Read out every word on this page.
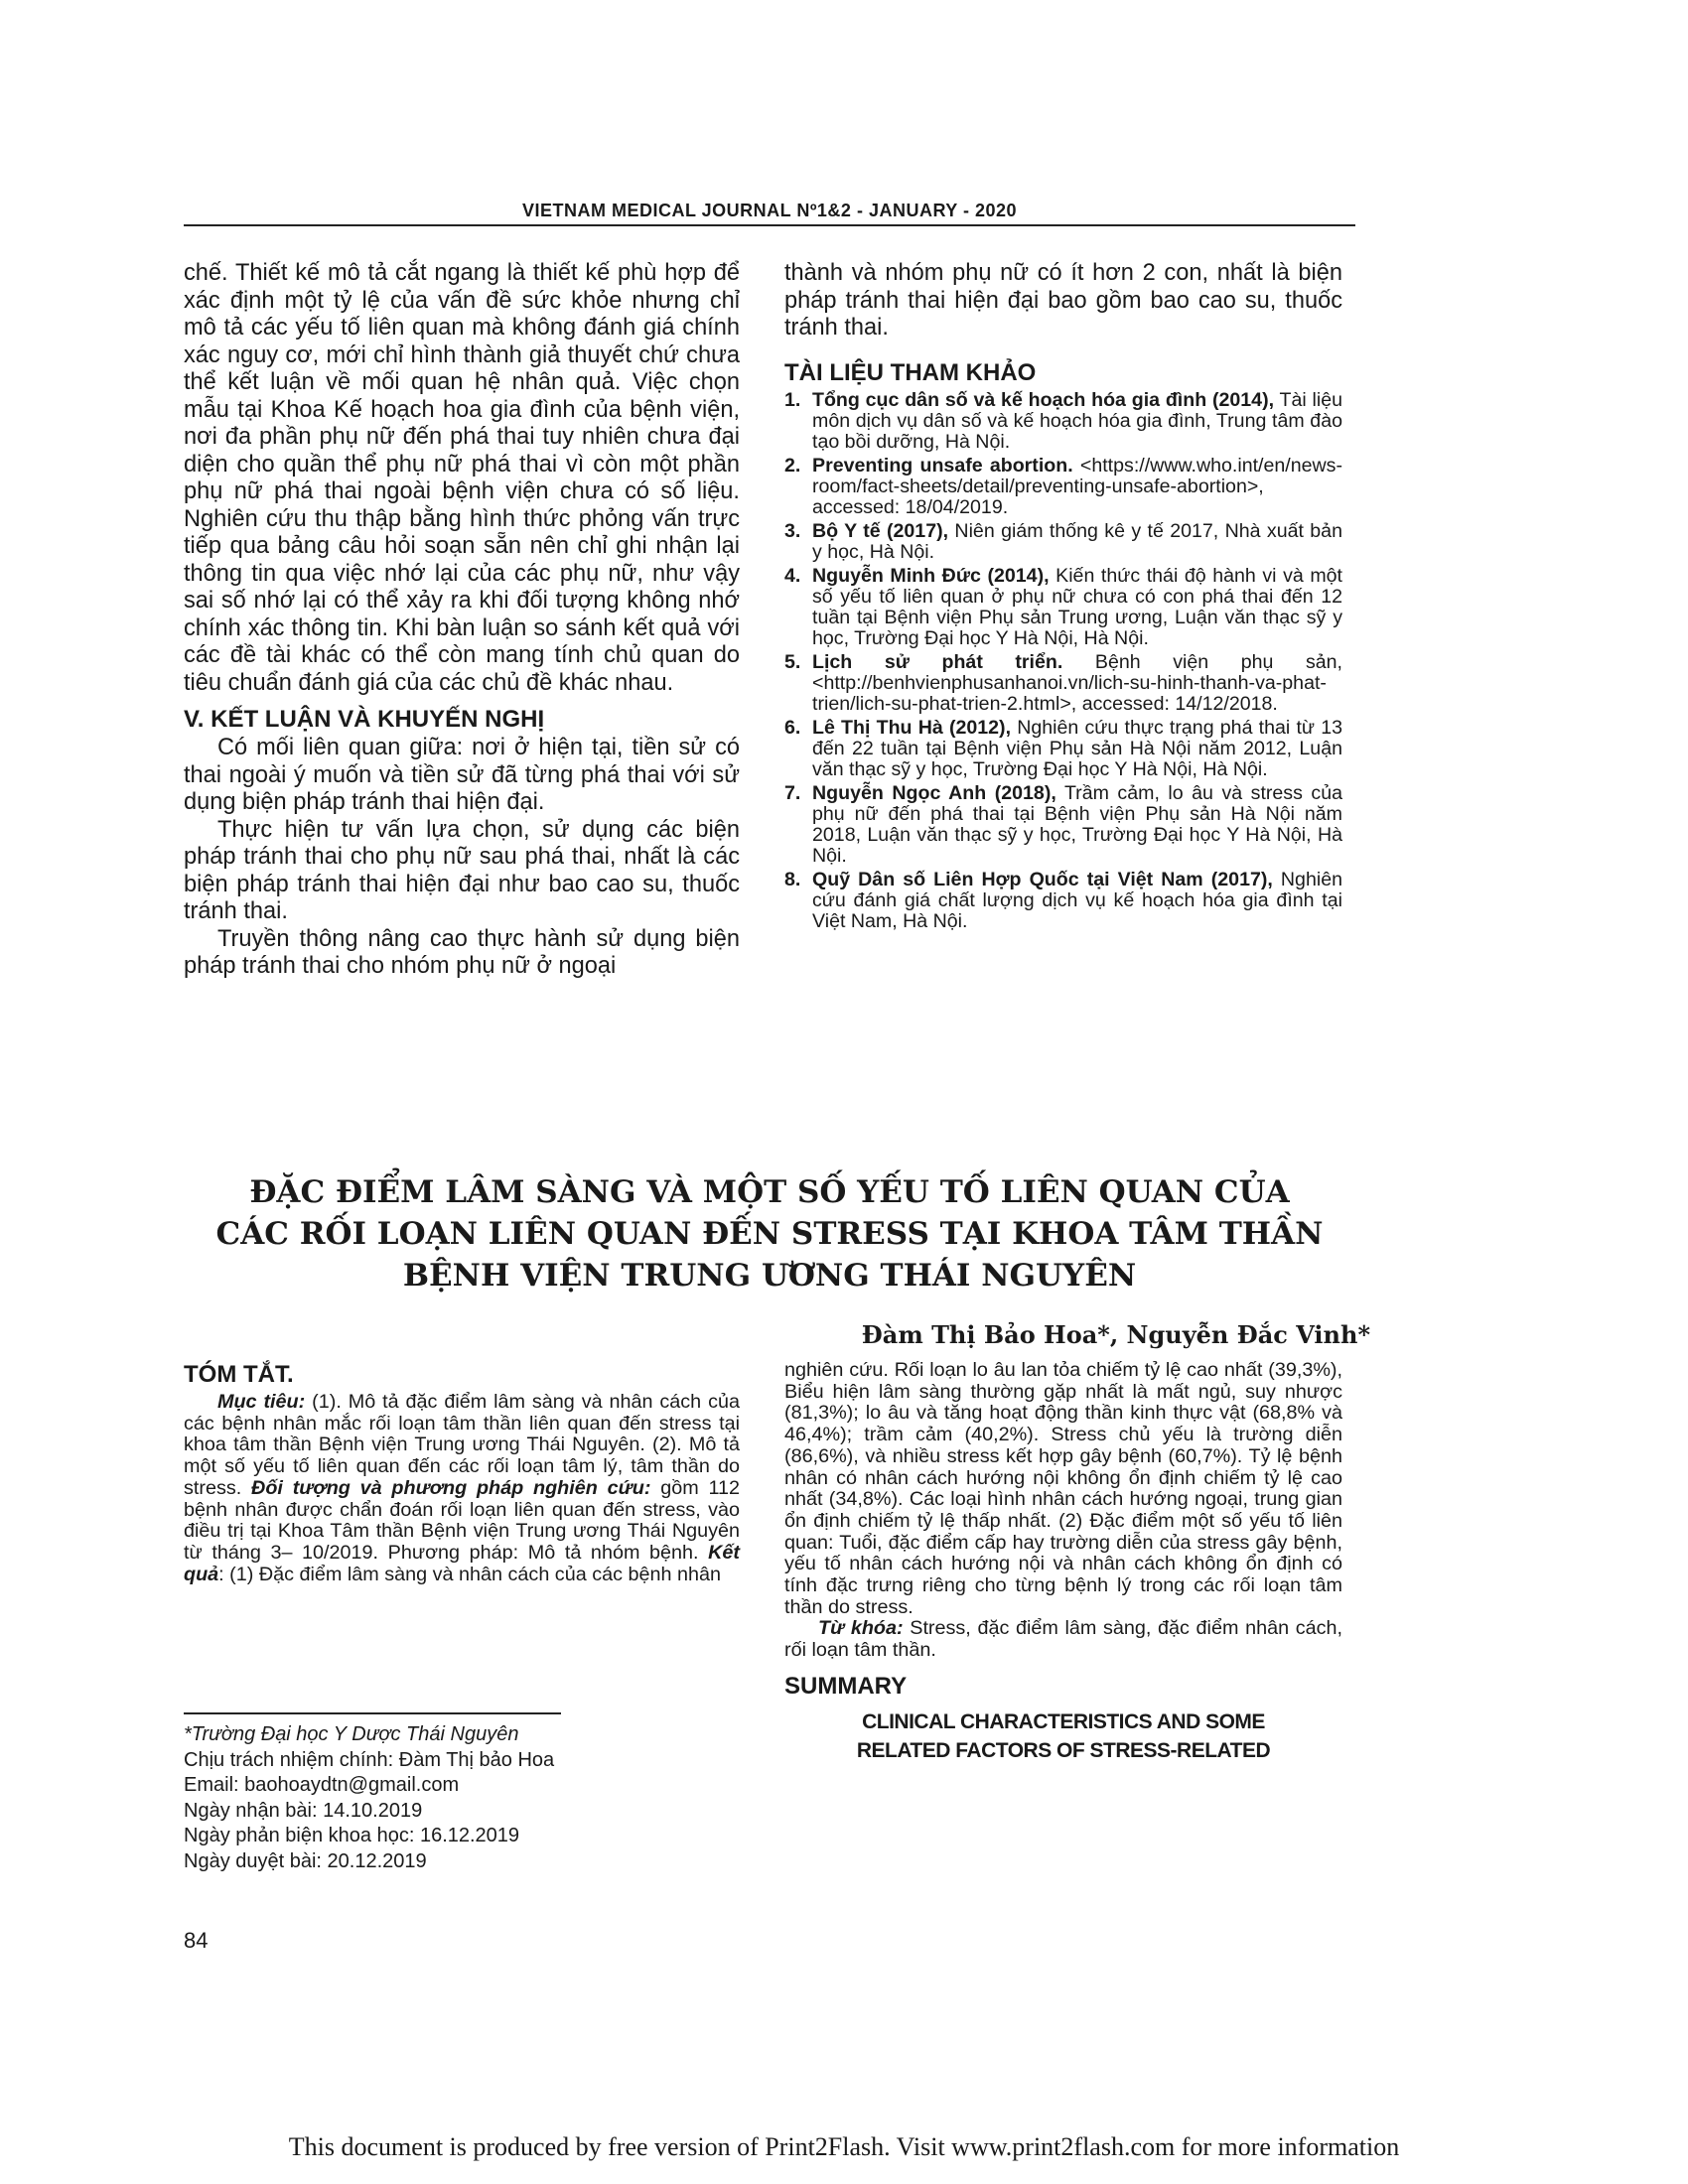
VIETNAM MEDICAL JOURNAL Nº1&2 - JANUARY - 2020

chế. Thiết kế mô tả cắt ngang là thiết kế phù hợp để xác định một tỷ lệ của vấn đề sức khỏe nhưng chỉ mô tả các yếu tố liên quan mà không đánh giá chính xác nguy cơ, mới chỉ hình thành giả thuyết chứ chưa thể kết luận về mối quan hệ nhân quả. Việc chọn mẫu tại Khoa Kế hoạch hoa gia đình của bệnh viện, nơi đa phần phụ nữ đến phá thai tuy nhiên chưa đại diện cho quần thể phụ nữ phá thai vì còn một phần phụ nữ phá thai ngoài bệnh viện chưa có số liệu. Nghiên cứu thu thập bằng hình thức phỏng vấn trực tiếp qua bảng câu hỏi soạn sẵn nên chỉ ghi nhận lại thông tin qua việc nhớ lại của các phụ nữ, như vậy sai số nhớ lại có thể xảy ra khi đối tượng không nhớ chính xác thông tin. Khi bàn luận so sánh kết quả với các đề tài khác có thể còn mang tính chủ quan do tiêu chuẩn đánh giá của các chủ đề khác nhau.

V. KẾT LUẬN VÀ KHUYẾN NGHỊ

Có mối liên quan giữa: nơi ở hiện tại, tiền sử có thai ngoài ý muốn và tiền sử đã từng phá thai với sử dụng biện pháp tránh thai hiện đại.

Thực hiện tư vấn lựa chọn, sử dụng các biện pháp tránh thai cho phụ nữ sau phá thai, nhất là các biện pháp tránh thai hiện đại như bao cao su, thuốc tránh thai.

Truyền thông nâng cao thực hành sử dụng biện pháp tránh thai cho nhóm phụ nữ ở ngoại

thành và nhóm phụ nữ có ít hơn 2 con, nhất là biện pháp tránh thai hiện đại bao gồm bao cao su, thuốc tránh thai.

TÀI LIỆU THAM KHẢO
1. Tổng cục dân số và kế hoạch hóa gia đình (2014), Tài liệu môn dịch vụ dân số và kế hoạch hóa gia đình, Trung tâm đào tạo bồi dưỡng, Hà Nội.
2. Preventing unsafe abortion. <https://www.who.int/en/news-room/fact-sheets/detail/preventing-unsafe-abortion>, accessed: 18/04/2019.
3. Bộ Y tế (2017), Niên giám thống kê y tế 2017, Nhà xuất bản y học, Hà Nội.
4. Nguyễn Minh Đức (2014), Kiến thức thái độ hành vi và một số yếu tố liên quan ở phụ nữ chưa có con phá thai đến 12 tuần tại Bệnh viện Phụ sản Trung ương, Luận văn thạc sỹ y học, Trường Đại học Y Hà Nội, Hà Nội.
5. Lịch sử phát triển. Bệnh viện phụ sản, <http://benhvienphusanhanoi.vn/lich-su-hinh-thanh-va-phat-trien/lich-su-phat-trien-2.html>, accessed: 14/12/2018.
6. Lê Thị Thu Hà (2012), Nghiên cứu thực trạng phá thai từ 13 đến 22 tuần tại Bệnh viện Phụ sản Hà Nội năm 2012, Luận văn thạc sỹ y học, Trường Đại học Y Hà Nội, Hà Nội.
7. Nguyễn Ngọc Anh (2018), Trầm cảm, lo âu và stress của phụ nữ đến phá thai tại Bệnh viện Phụ sản Hà Nội năm 2018, Luận văn thạc sỹ y học, Trường Đại học Y Hà Nội, Hà Nội.
8. Quỹ Dân số Liên Hợp Quốc tại Việt Nam (2017), Nghiên cứu đánh giá chất lượng dịch vụ kế hoạch hóa gia đình tại Việt Nam, Hà Nội.
ĐẶC ĐIỂM LÂM SÀNG VÀ MỘT SỐ YẾU TỐ LIÊN QUAN CỦA
CÁC RỐI LOẠN LIÊN QUAN ĐẾN STRESS TẠI KHOA TÂM THẦN
BỆNH VIỆN TRUNG ƯƠNG THÁI NGUYÊN
Đàm Thị Bảo Hoa*, Nguyễn Đắc Vinh*
TÓM TẮT.

Mục tiêu: (1). Mô tả đặc điểm lâm sàng và nhân cách của các bệnh nhân mắc rối loạn tâm thần liên quan đến stress tại khoa tâm thần Bệnh viện Trung ương Thái Nguyên. (2). Mô tả một số yếu tố liên quan đến các rối loạn tâm lý, tâm thần do stress. Đối tượng và phương pháp nghiên cứu: gồm 112 bệnh nhân được chẩn đoán rối loạn liên quan đến stress, vào điều trị tại Khoa Tâm thần Bệnh viện Trung ương Thái Nguyên từ tháng 3– 10/2019. Phương pháp: Mô tả nhóm bệnh. Kết quả: (1) Đặc điểm lâm sàng và nhân cách của các bệnh nhân

nghiên cứu. Rối loạn lo âu lan tỏa chiếm tỷ lệ cao nhất (39,3%), Biểu hiện lâm sàng thường gặp nhất là mất ngủ, suy nhược (81,3%); lo âu và tăng hoạt động thần kinh thực vật (68,8% và 46,4%); trầm cảm (40,2%). Stress chủ yếu là trường diễn (86,6%), và nhiều stress kết hợp gây bệnh (60,7%). Tỷ lệ bệnh nhân có nhân cách hướng nội không ổn định chiếm tỷ lệ cao nhất (34,8%). Các loại hình nhân cách hướng ngoại, trung gian ổn định chiếm tỷ lệ thấp nhất. (2) Đặc điểm một số yếu tố liên quan: Tuổi, đặc điểm cấp hay trường diễn của stress gây bệnh, yếu tố nhân cách hướng nội và nhân cách không ổn định có tính đặc trưng riêng cho từng bệnh lý trong các rối loạn tâm thần do stress.

Từ khóa: Stress, đặc điểm lâm sàng, đặc điểm nhân cách, rối loạn tâm thần.

SUMMARY
CLINICAL CHARACTERISTICS AND SOME
RELATED FACTORS OF STRESS-RELATED
*Trường Đại học Y Dược Thái Nguyên
Chịu trách nhiệm chính: Đàm Thị bảo Hoa
Email: baohoaydtn@gmail.com
Ngày nhận bài: 14.10.2019
Ngày phản biện khoa học: 16.12.2019
Ngày duyệt bài: 20.12.2019
84
This document is produced by free version of Print2Flash. Visit www.print2flash.com for more information
